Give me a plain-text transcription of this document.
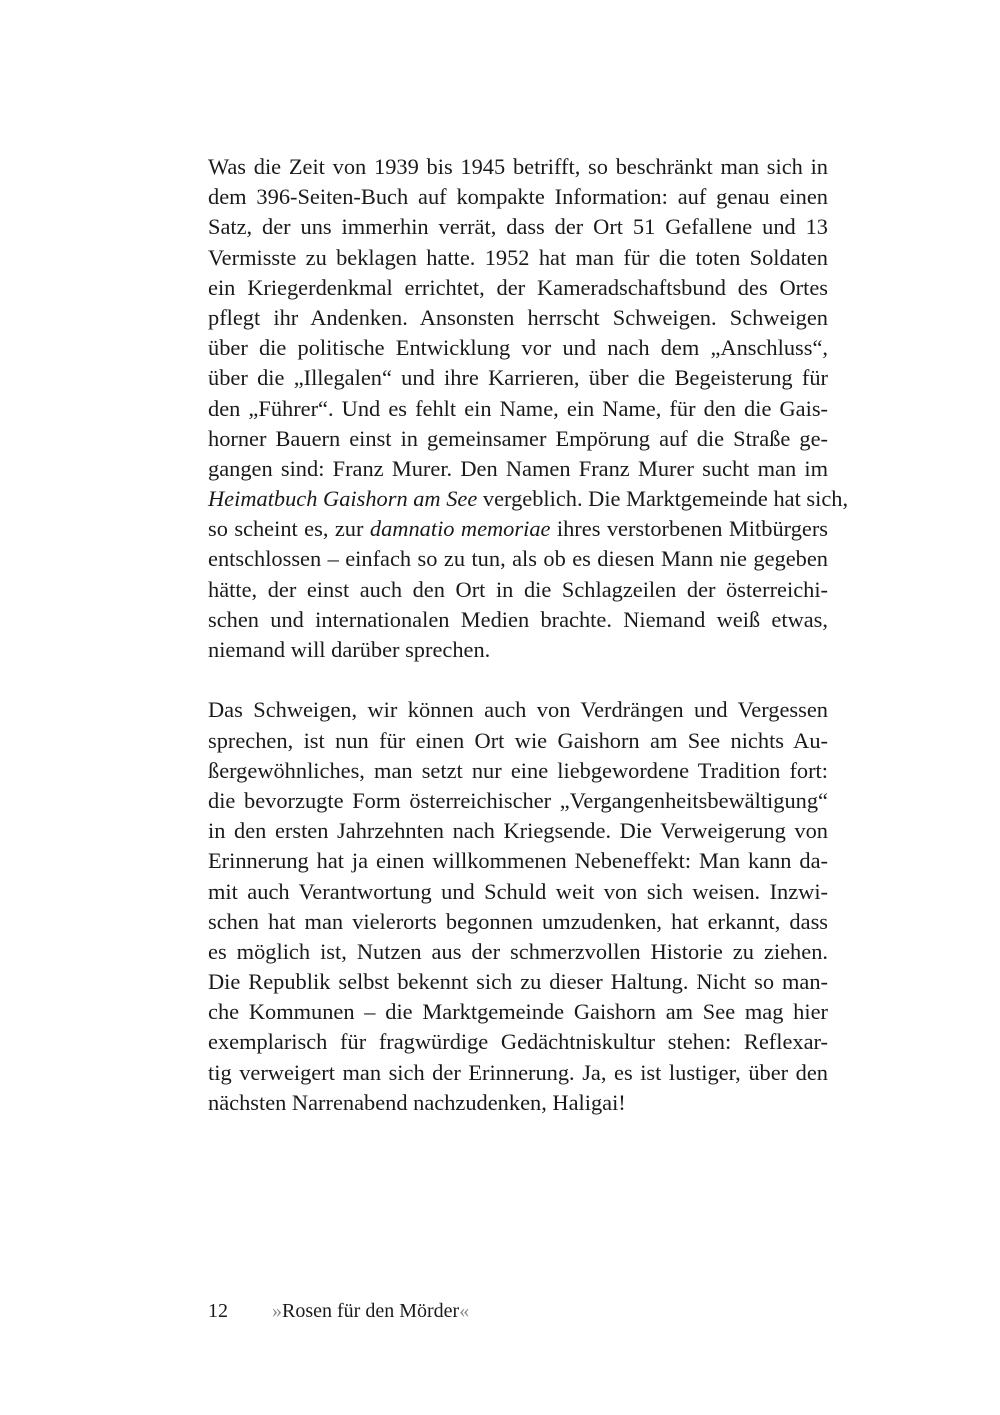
Was die Zeit von 1939 bis 1945 betrifft, so beschränkt man sich in
dem 396-Seiten-Buch auf kompakte Information: auf genau einen
Satz, der uns immerhin verrät, dass der Ort 51 Gefallene und 13
Vermisste zu beklagen hatte. 1952 hat man für die toten Soldaten
ein Kriegerdenkmal errichtet, der Kameradschaftsbund des Ortes
pflegt ihr Andenken. Ansonsten herrscht Schweigen. Schweigen
über die politische Entwicklung vor und nach dem „Anschluss“,
über die „Illegalen“ und ihre Karrieren, über die Begeisterung für
den „Führer“. Und es fehlt ein Name, ein Name, für den die Gais-
horner Bauern einst in gemeinsamer Empörung auf die Straße ge-
gangen sind: Franz Murer. Den Namen Franz Murer sucht man im
Heimatbuch Gaishorn am See vergeblich. Die Marktgemeinde hat sich,
so scheint es, zur damnatio memoriae ihres verstorbenen Mitbürgers
entschlossen – einfach so zu tun, als ob es diesen Mann nie gegeben
hätte, der einst auch den Ort in die Schlagzeilen der österreichi-
schen und internationalen Medien brachte. Niemand weiß etwas,
niemand will darüber sprechen.
Das Schweigen, wir können auch von Verdrängen und Vergessen
sprechen, ist nun für einen Ort wie Gaishorn am See nichts Au-
ßergewöhnliches, man setzt nur eine liebgewordene Tradition fort:
die bevorzugte Form österreichischer „Vergangenheitsbewältigung“
in den ersten Jahrzehnten nach Kriegsende. Die Verweigerung von
Erinnerung hat ja einen willkommenen Nebeneffekt: Man kann da-
mit auch Verantwortung und Schuld weit von sich weisen. Inzwi-
schen hat man vielerorts begonnen umzudenken, hat erkannt, dass
es möglich ist, Nutzen aus der schmerzvollen Historie zu ziehen.
Die Republik selbst bekennt sich zu dieser Haltung. Nicht so man-
che Kommunen – die Marktgemeinde Gaishorn am See mag hier
exemplarisch für fragwürdige Gedächtniskultur stehen: Reflexar-
tig verweigert man sich der Erinnerung. Ja, es ist lustiger, über den
nächsten Narrenabend nachzudenken, Haligai!
12 »Rosen für den Mörder«
